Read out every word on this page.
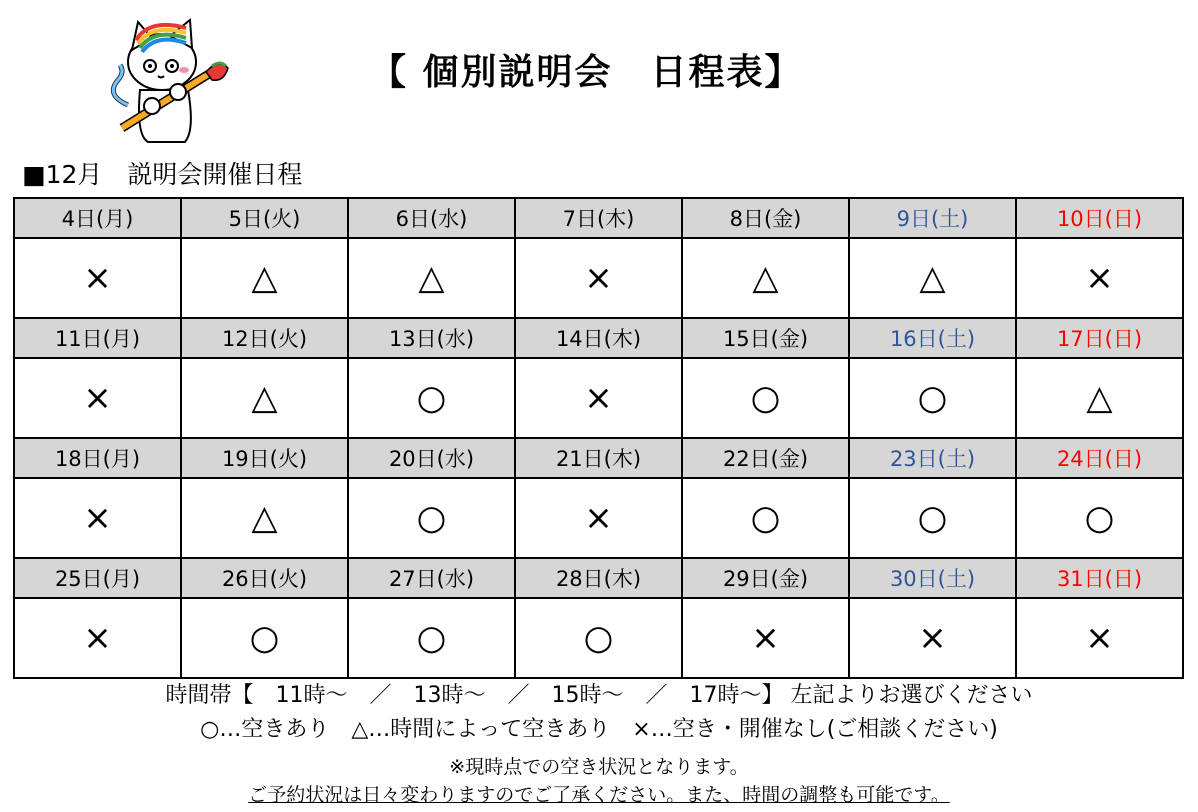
【 個別説明会　日程表】
■12月　説明会開催日程
4日(月)	5日(火)	6日(水)	7日(木)	8日(金)	9日(土)	10日(日)
×	△	△	×	△	△	×
11日(月)	12日(火)	13日(水)	14日(木)	15日(金)	16日(土)	17日(日)
×	△	○	×	○	○	△
18日(月)	19日(火)	20日(水)	21日(木)	22日(金)	23日(土)	24日(日)
×	△	○	×	○	○	○
25日(月)	26日(火)	27日(水)	28日(木)	29日(金)	30日(土)	31日(日)
×	○	○	○	×	×	×
時間帯【　11時～　／　13時～　／　15時～　／　17時～】 左記よりお選びください
○…空きあり　△…時間によって空きあり　×…空き・開催なし(ご相談ください)
※現時点での空き状況となります。
ご予約状況は日々変わりますのでご了承ください。また、時間の調整も可能です。
